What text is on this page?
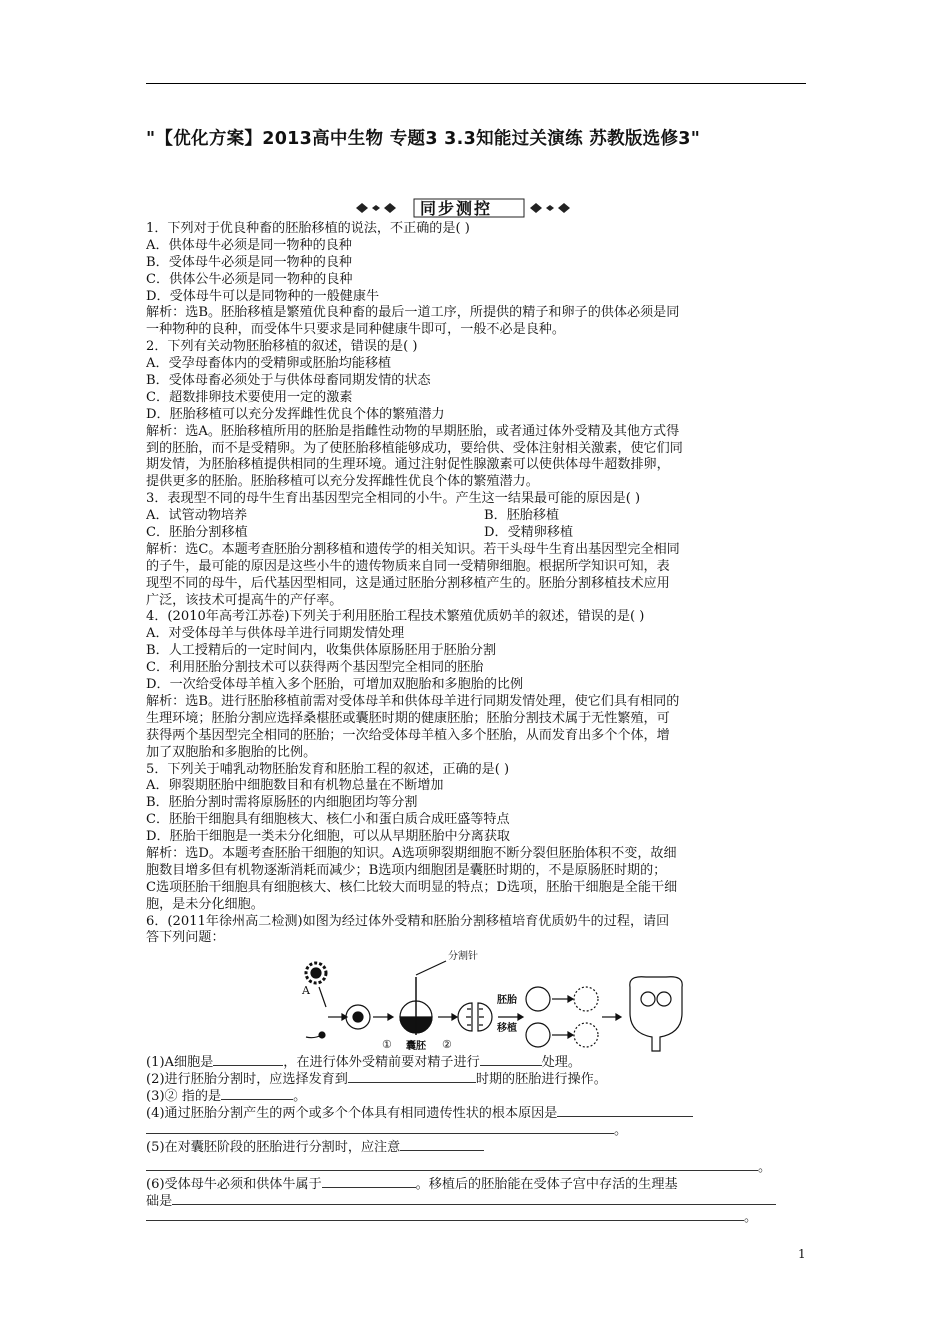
"【优化方案】2013高中生物 专题3 3.3知能过关演练 苏教版选修3"
同步测控
1．下列对于优良种畜的胚胎移植的说法，不正确的是( )
A．供体母牛必须是同一物种的良种
B．受体母牛必须是同一物种的良种
C．供体公牛必须是同一物种的良种
D．受体母牛可以是同物种的一般健康牛
解析：选B。胚胎移植是繁殖优良种畜的最后一道工序，所提供的精子和卵子的供体必须是同
一种物种的良种，而受体牛只要求是同种健康牛即可，一般不必是良种。
2．下列有关动物胚胎移植的叙述，错误的是( )
A．受孕母畜体内的受精卵或胚胎均能移植
B．受体母畜必须处于与供体母畜同期发情的状态
C．超数排卵技术要使用一定的激素
D．胚胎移植可以充分发挥雌性优良个体的繁殖潜力
解析：选A。胚胎移植所用的胚胎是指雌性动物的早期胚胎，或者通过体外受精及其他方式得
到的胚胎，而不是受精卵。为了使胚胎移植能够成功，要给供、受体注射相关激素，使它们同
期发情，为胚胎移植提供相同的生理环境。通过注射促性腺激素可以使供体母牛超数排卵，
提供更多的胚胎。胚胎移植可以充分发挥雌性优良个体的繁殖潜力。
3．表现型不同的母牛生育出基因型完全相同的小牛。产生这一结果最可能的原因是( )
A．试管动物培养	B．胚胎移植
C．胚胎分割移植	D．受精卵移植
解析：选C。本题考查胚胎分割移植和遗传学的相关知识。若干头母牛生育出基因型完全相同
的子牛，最可能的原因是这些小牛的遗传物质来自同一受精卵细胞。根据所学知识可知，表
现型不同的母牛，后代基因型相同，这是通过胚胎分割移植产生的。胚胎分割移植技术应用
广泛，该技术可提高牛的产仔率。
4．(2010年高考江苏卷)下列关于利用胚胎工程技术繁殖优质奶羊的叙述，错误的是( )
A．对受体母羊与供体母羊进行同期发情处理
B．人工授精后的一定时间内，收集供体原肠胚用于胚胎分割
C．利用胚胎分割技术可以获得两个基因型完全相同的胚胎
D．一次给受体母羊植入多个胚胎，可增加双胞胎和多胞胎的比例
解析：选B。进行胚胎移植前需对受体母羊和供体母羊进行同期发情处理，使它们具有相同的
生理环境；胚胎分割应选择桑椹胚或囊胚时期的健康胚胎；胚胎分割技术属于无性繁殖，可
获得两个基因型完全相同的胚胎；一次给受体母羊植入多个胚胎，从而发育出多个个体，增
加了双胞胎和多胞胎的比例。
5．下列关于哺乳动物胚胎发育和胚胎工程的叙述，正确的是( )
A．卵裂期胚胎中细胞数目和有机物总量在不断增加
B．胚胎分割时需将原肠胚的内细胞团均等分割
C．胚胎干细胞具有细胞核大、核仁小和蛋白质合成旺盛等特点
D．胚胎干细胞是一类未分化细胞，可以从早期胚胎中分离获取
解析：选D。本题考查胚胎干细胞的知识。A选项卵裂期细胞不断分裂但胚胎体积不变，故细
胞数目增多但有机物逐渐消耗而减少；B选项内细胞团是囊胚时期的，不是原肠胚时期的；
C选项胚胎干细胞具有细胞核大、核仁比较大而明显的特点；D选项，胚胎干细胞是全能干细
胞，是未分化细胞。
6．(2011年徐州高二检测)如图为经过体外受精和胚胎分割移植培育优质奶牛的过程，请回
答下列问题：
A
分割针
① 囊胚 ②
胚胎
移植
(1)A细胞是	，在进行体外受精前要对精子进行	处理。
(2)进行胚胎分割时，应选择发育到	时期的胚胎进行操作。
(3)② 指的是	。
(4)通过胚胎分割产生的两个或多个个体具有相同遗传性状的根本原因是
。
(5)在对囊胚阶段的胚胎进行分割时，应注意
。
(6)受体母牛必须和供体牛属于	。移植后的胚胎能在受体子宫中存活的生理基
础是
。
1
